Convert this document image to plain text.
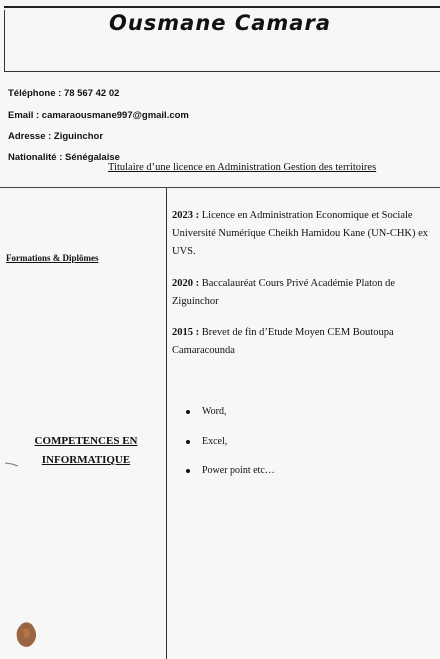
Ousmane Camara
Téléphone : 78 567 42 02
Email : camaraousmane997@gmail.com
Adresse : Ziguinchor
Nationalité : Sénégalaise
Titulaire d’une licence en Administration Gestion des territoires
Formations & Diplômes
2023 : Licence en Administration Economique et Sociale Université Numérique Cheikh Hamidou Kane (UN-CHK) ex UVS.
2020 : Baccalauréat Cours Privé Académie Platon de Ziguinchor
2015 : Brevet de fin d’Etude Moyen CEM Boutoupa Camaracounda
COMPETENCES EN INFORMATIQUE
Word,
Excel,
Power point etc…
